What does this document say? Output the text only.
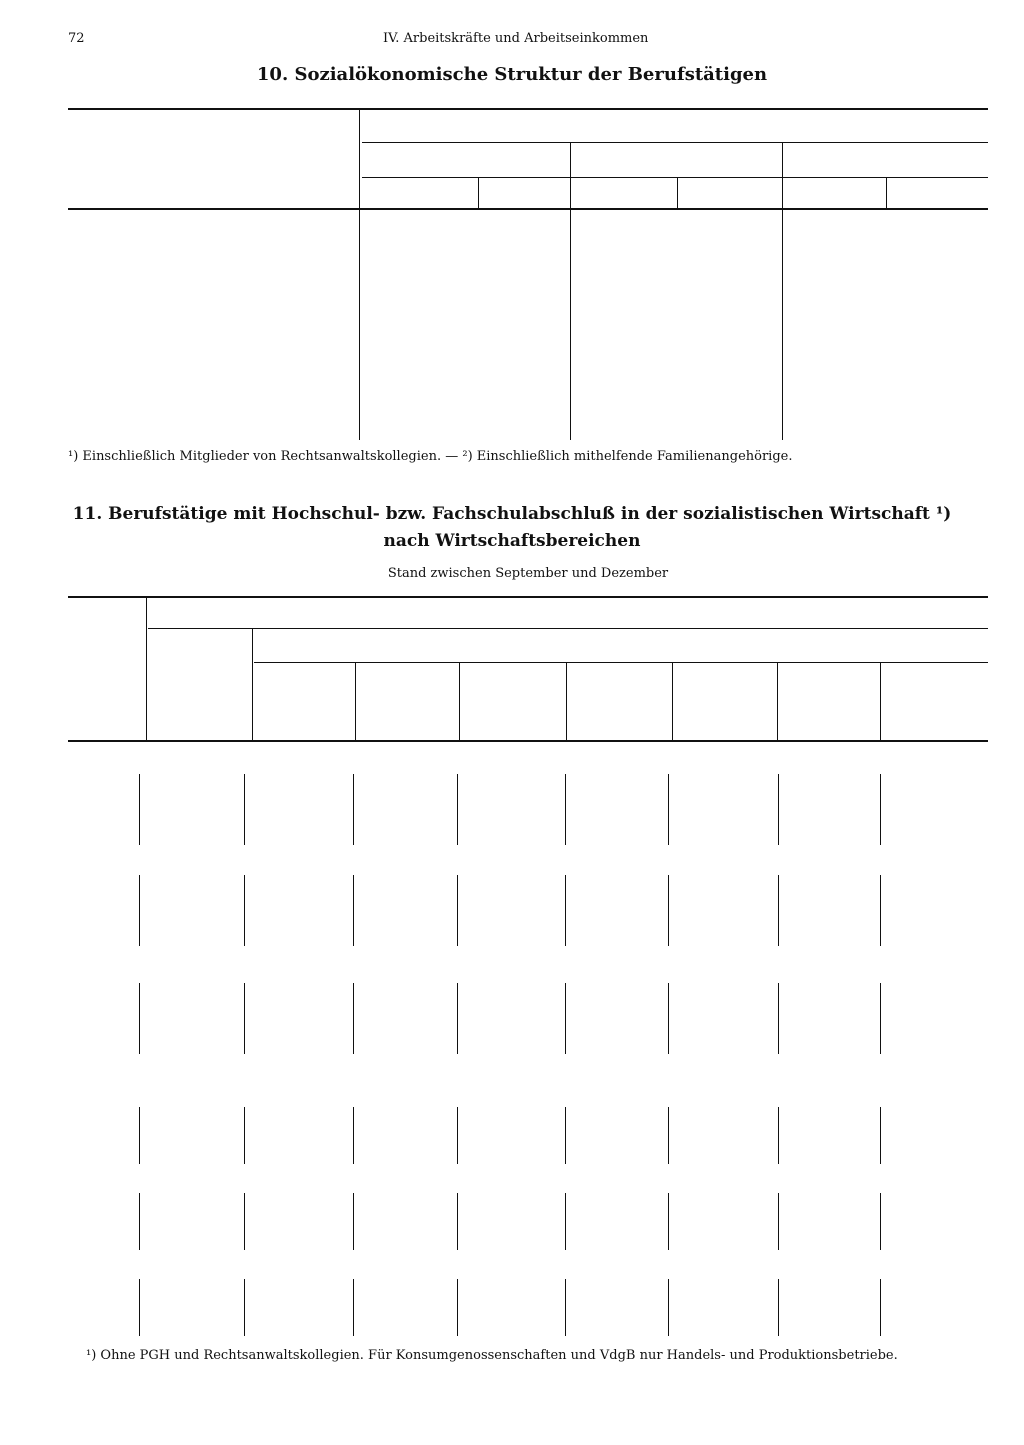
72	IV. Arbeitskräfte und Arbeitseinkommen
10. Sozialökonomische Struktur der Berufstätigen
¹) Einschließlich Mitglieder von Rechtsanwaltskollegien. — ²) Einschließlich mithelfende Familienangehörige.
11. Berufstätige mit Hochschul- bzw. Fachschulabschluß in der sozialistischen Wirtschaft ¹)
nach Wirtschaftsbereichen
Stand zwischen September und Dezember
¹) Ohne PGH und Rechtsanwaltskollegien. Für Konsumgenossenschaften und VdgB nur Handels- und Produktionsbetriebe.
